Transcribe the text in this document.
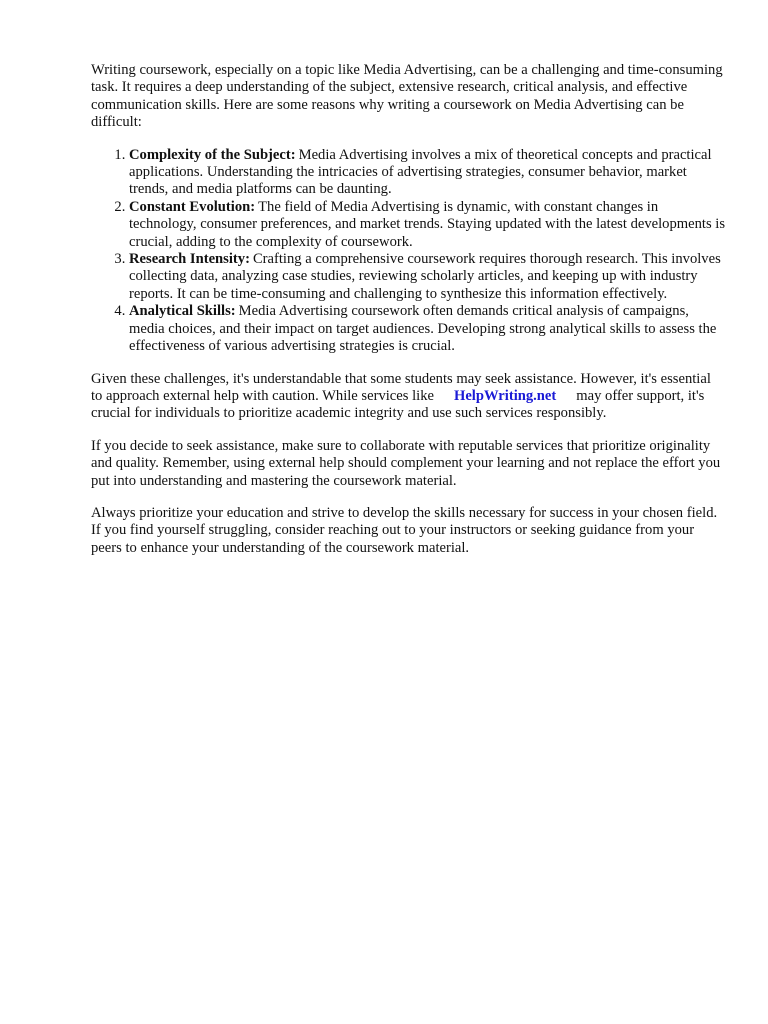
Writing coursework, especially on a topic like Media Advertising, can be a challenging and time-consuming task. It requires a deep understanding of the subject, extensive research, critical analysis, and effective communication skills. Here are some reasons why writing a coursework on Media Advertising can be difficult:

1. Complexity of the Subject: Media Advertising involves a mix of theoretical concepts and practical applications. Understanding the intricacies of advertising strategies, consumer behavior, market trends, and media platforms can be daunting.
2. Constant Evolution: The field of Media Advertising is dynamic, with constant changes in technology, consumer preferences, and market trends. Staying updated with the latest developments is crucial, adding to the complexity of coursework.
3. Research Intensity: Crafting a comprehensive coursework requires thorough research. This involves collecting data, analyzing case studies, reviewing scholarly articles, and keeping up with industry reports. It can be time-consuming and challenging to synthesize this information effectively.
4. Analytical Skills: Media Advertising coursework often demands critical analysis of campaigns, media choices, and their impact on target audiences. Developing strong analytical skills to assess the effectiveness of various advertising strategies is crucial.

Given these challenges, it's understandable that some students may seek assistance. However, it's essential to approach external help with caution. While services like HelpWriting.net may offer support, it's crucial for individuals to prioritize academic integrity and use such services responsibly.

If you decide to seek assistance, make sure to collaborate with reputable services that prioritize originality and quality. Remember, using external help should complement your learning and not replace the effort you put into understanding and mastering the coursework material.

Always prioritize your education and strive to develop the skills necessary for success in your chosen field. If you find yourself struggling, consider reaching out to your instructors or seeking guidance from your peers to enhance your understanding of the coursework material.
